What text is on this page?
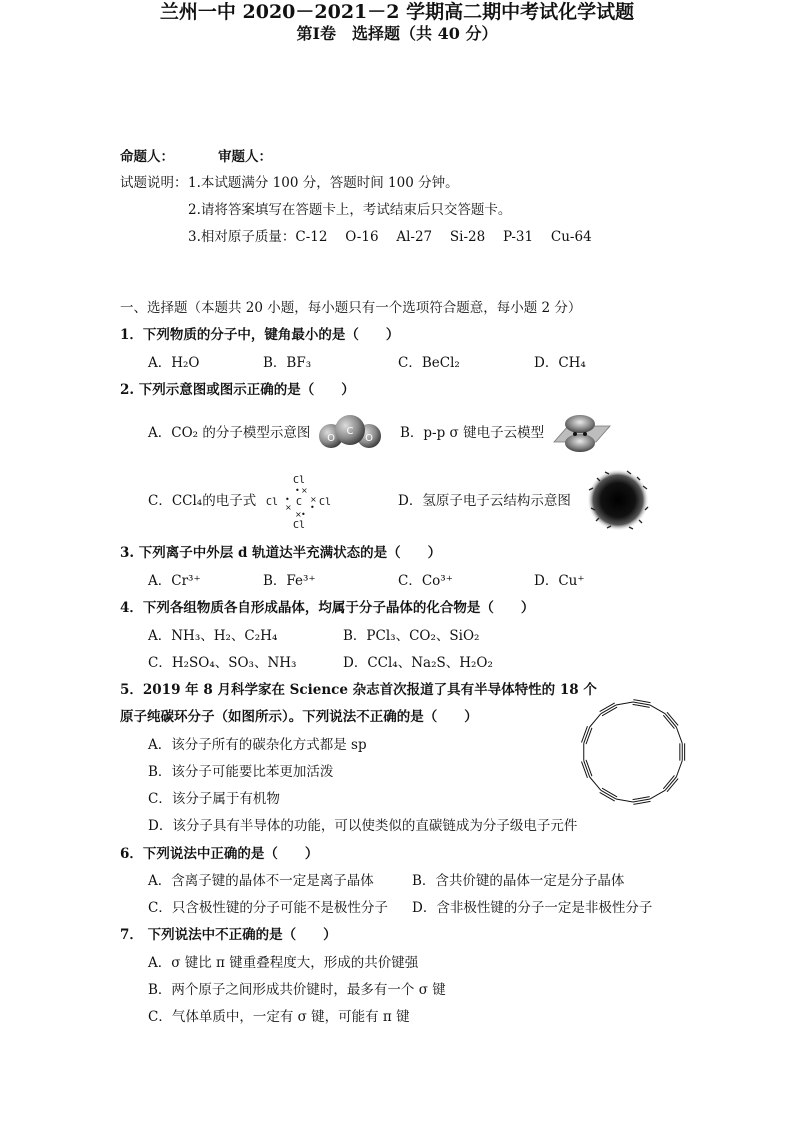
兰州一中 2020－2021－2 学期高二期中考试化学试题
命题人：	审题人：
试题说明： 1.本试题满分 100 分，答题时间 100 分钟。
2.请将答案填写在答题卡上，考试结束后只交答题卡。
3.相对原子质量：C-12　 O-16　 Al-27　 Si-28　 P-31　 Cu-64
第Ⅰ卷　选择题（共 40 分）
一、选择题（本题共 20 小题，每小题只有一个选项符合题意，每小题 2 分）
1．下列物质的分子中，键角最小的是（　　）
A．H₂O	B．BF₃	C．BeCl₂	D．CH₄
2. 下列示意图或图示正确的是（　　）
A．CO₂ 的分子模型示意图 O
C
O B．p-p σ 键电子云模型
C．CCl₄的电子式
Cl
C
Cl
Cl	Cl
• ×
× •
•
×
×
•	D．氢原子电子云结构示意图
3. 下列离子中外层 d 轨道达半充满状态的是（　　）
A．Cr³⁺	B．Fe³⁺	C．Co³⁺	D．Cu⁺
4．下列各组物质各自形成晶体，均属于分子晶体的化合物是（　　）
A．NH₃、H₂、C₂H₄	B．PCl₃、CO₂、SiO₂
C．H₂SO₄、SO₃、NH₃	D．CCl₄、Na₂S、H₂O₂
5．2019 年 8 月科学家在 Science 杂志首次报道了具有半导体特性的 18 个
原子纯碳环分子（如图所示）。下列说法不正确的是（　　）
A．该分子所有的碳杂化方式都是 sp
B．该分子可能要比苯更加活泼
C．该分子属于有机物
D．该分子具有半导体的功能，可以使类似的直碳链成为分子级电子元件
6．下列说法中正确的是（　　）
A．含离子键的晶体不一定是离子晶体	B．含共价键的晶体一定是分子晶体
C．只含极性键的分子可能不是极性分子 D．含非极性键的分子一定是非极性分子
7． 下列说法中不正确的是（　　）
A．σ 键比 π 键重叠程度大，形成的共价键强
B．两个原子之间形成共价键时，最多有一个 σ 键
C．气体单质中，一定有 σ 键，可能有 π 键
